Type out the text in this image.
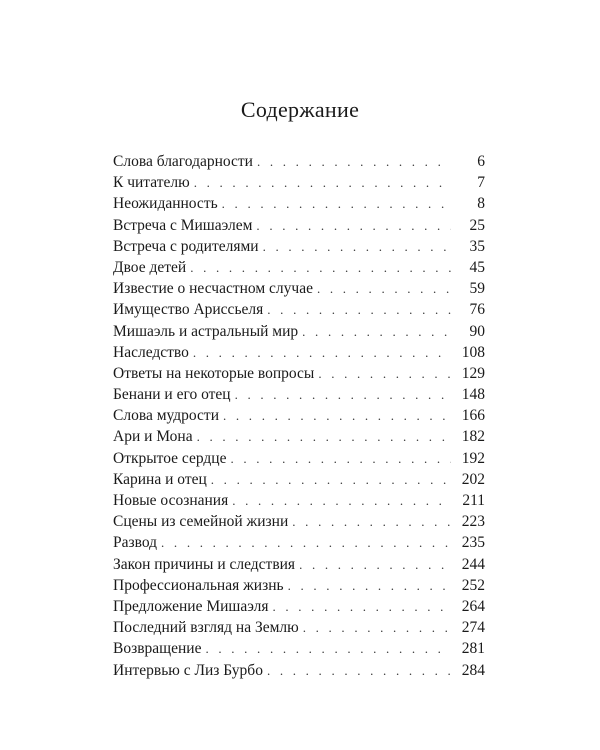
Содержание
Слова благодарности . . .	6
К читателю . . .	7
Неожиданность . . .	8
Встреча с Мишаэлем . . .	25
Встреча с родителями . . .	35
Двое детей . . .	45
Известие о несчастном случае . . .	59
Имущество Ариссьеля . . .	76
Мишаэль и астральный мир . . .	90
Наследство . . .	108
Ответы на некоторые вопросы . . .	129
Бенани и его отец . . .	148
Слова мудрости . . .	166
Ари и Мона . . .	182
Открытое сердце . . .	192
Карина и отец . . .	202
Новые осознания . . .	211
Сцены из семейной жизни . . .	223
Развод . . .	235
Закон причины и следствия . . .	244
Профессиональная жизнь . . .	252
Предложение Мишаэля . . .	264
Последний взгляд на Землю . . .	274
Возвращение . . .	281
Интервью с Лиз Бурбо . . .	284
